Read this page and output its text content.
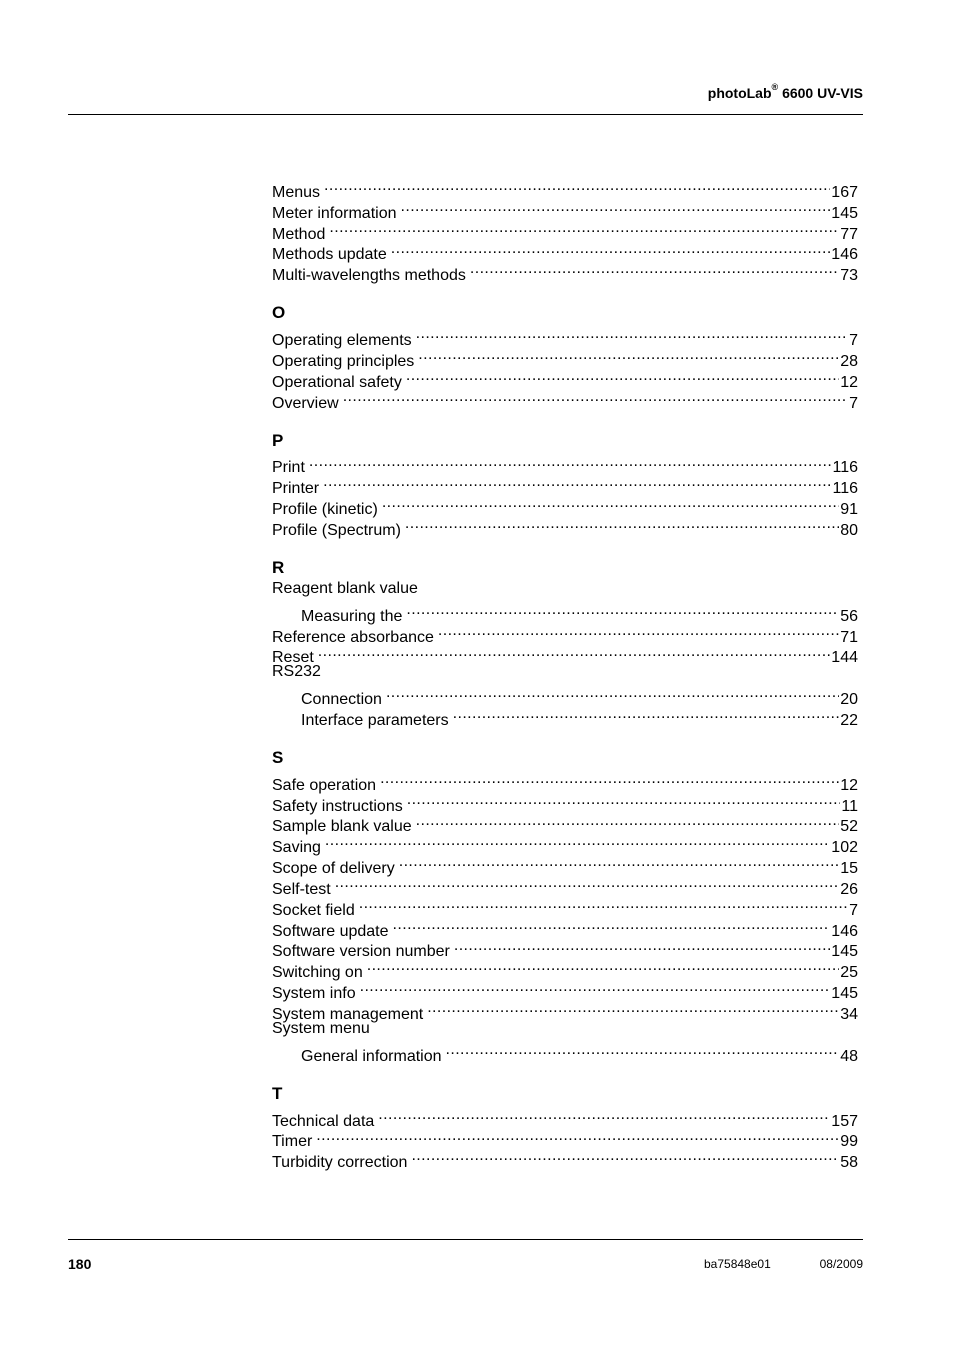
photoLab® 6600 UV-VIS
Menus .....	167
Meter information .....	145
Method .....	77
Methods update .....	146
Multi-wavelengths methods .....	73
O
Operating elements .....	7
Operating principles .....	28
Operational safety .....	12
Overview .....	7
P
Print .....	116
Printer .....	116
Profile (kinetic) .....	91
Profile (Spectrum) .....	80
R
Reagent blank value
Measuring the .....	56
Reference absorbance .....	71
Reset .....	144
RS232
Connection .....	20
Interface parameters .....	22
S
Safe operation .....	12
Safety instructions .....	11
Sample blank value .....	52
Saving .....	102
Scope of delivery .....	15
Self-test .....	26
Socket field .....	7
Software update .....	146
Software version number .....	145
Switching on .....	25
System info .....	145
System management .....	34
System menu
General information .....	48
T
Technical data .....	157
Timer .....	99
Turbidity correction .....	58
180	ba75848e01	08/2009
